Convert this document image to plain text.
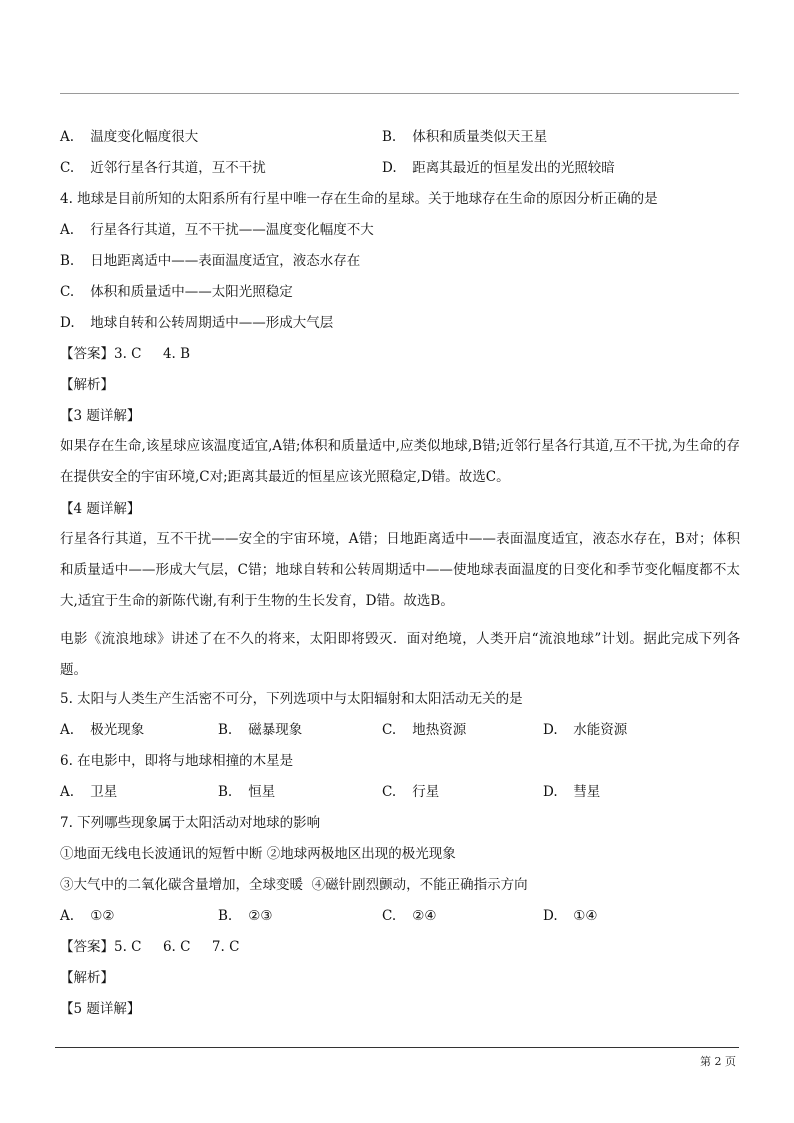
A. 温度变化幅度很大	B. 体积和质量类似天王星
C. 近邻行星各行其道，互不干扰	D. 距离其最近的恒星发出的光照较暗
4. 地球是目前所知的太阳系所有行星中唯一存在生命的星球。关于地球存在生命的原因分析正确的是
A. 行星各行其道，互不干扰——温度变化幅度不大
B. 日地距离适中——表面温度适宜，液态水存在
C. 体积和质量适中——太阳光照稳定
D. 地球自转和公转周期适中——形成大气层
【答案】3. C     4. B
【解析】
【3 题详解】
如果存在生命,该星球应该温度适宜,A错;体积和质量适中,应类似地球,B错;近邻行星各行其道,互不干扰,为生命的存在提供安全的宇宙环境,C对;距离其最近的恒星应该光照稳定,D错。故选C。
【4 题详解】
行星各行其道，互不干扰——安全的宇宙环境，A错；日地距离适中——表面温度适宜，液态水存在，B对；体积和质量适中——形成大气层，C错；地球自转和公转周期适中——使地球表面温度的日变化和季节变化幅度都不太大,适宜于生命的新陈代谢,有利于生物的生长发育，D错。故选B。
电影《流浪地球》讲述了在不久的将来，太阳即将毁灭．面对绝境，人类开启“流浪地球”计划。据此完成下列各题。
5. 太阳与人类生产生活密不可分，下列选项中与太阳辐射和太阳活动无关的是
A. 极光现象	B. 磁暴现象	C. 地热资源	D. 水能资源
6. 在电影中，即将与地球相撞的木星是
A. 卫星	B. 恒星	C. 行星	D. 彗星
7. 下列哪些现象属于太阳活动对地球的影响
①地面无线电长波通讯的短暂中断 ②地球两极地区出现的极光现象
③大气中的二氧化碳含量增加，全球变暖  ④磁针剧烈颤动，不能正确指示方向
A. ①②	B. ②③	C. ②④	D. ①④
【答案】5. C     6. C     7. C
【解析】
【5 题详解】
第 2 页
